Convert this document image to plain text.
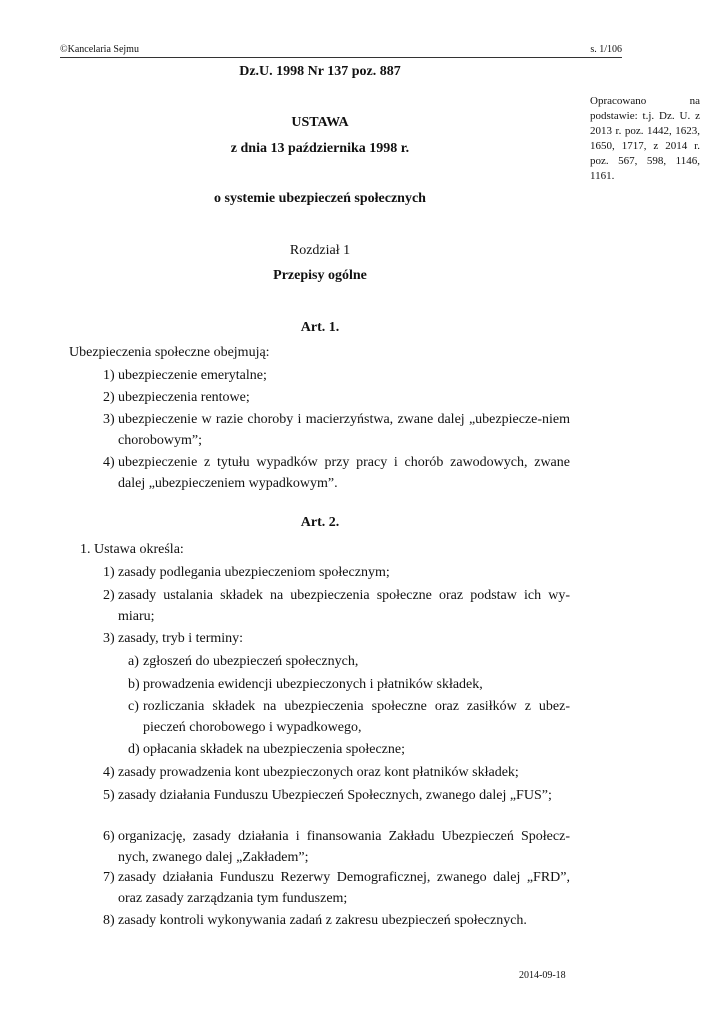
©Kancelaria Sejmu	s. 1/106
Opracowano na podstawie: t.j. Dz. U. z 2013 r. poz. 1442, 1623, 1650, 1717, z 2014 r. poz. 567, 598, 1146, 1161.
Dz.U. 1998 Nr 137 poz. 887
USTAWA
z dnia 13 października 1998 r.
o systemie ubezpieczeń społecznych
Rozdział 1
Przepisy ogólne
Art. 1.
Ubezpieczenia społeczne obejmują:
1) ubezpieczenie emerytalne;
2) ubezpieczenia rentowe;
3) ubezpieczenie w razie choroby i macierzyństwa, zwane dalej „ubezpiecze-niem chorobowym”;
4) ubezpieczenie z tytułu wypadków przy pracy i chorób zawodowych, zwane dalej „ubezpieczeniem wypadkowym”.
Art. 2.
1. Ustawa określa:
1) zasady podlegania ubezpieczeniom społecznym;
2) zasady ustalania składek na ubezpieczenia społeczne oraz podstaw ich wy-miaru;
3) zasady, tryb i terminy:
a) zgłoszeń do ubezpieczeń społecznych,
b) prowadzenia ewidencji ubezpieczonych i płatników składek,
c) rozliczania składek na ubezpieczenia społeczne oraz zasiłków z ubez-pieczeń chorobowego i wypadkowego,
d) opłacania składek na ubezpieczenia społeczne;
4) zasady prowadzenia kont ubezpieczonych oraz kont płatników składek;
5) zasady działania Funduszu Ubezpieczeń Społecznych, zwanego dalej „FUS”;
6) organizację, zasady działania i finansowania Zakładu Ubezpieczeń Społecz-nych, zwanego dalej „Zakładem”;
7) zasady działania Funduszu Rezerwy Demograficznej, zwanego dalej „FRD”, oraz zasady zarządzania tym funduszem;
8) zasady kontroli wykonywania zadań z zakresu ubezpieczeń społecznych.
2014-09-18
